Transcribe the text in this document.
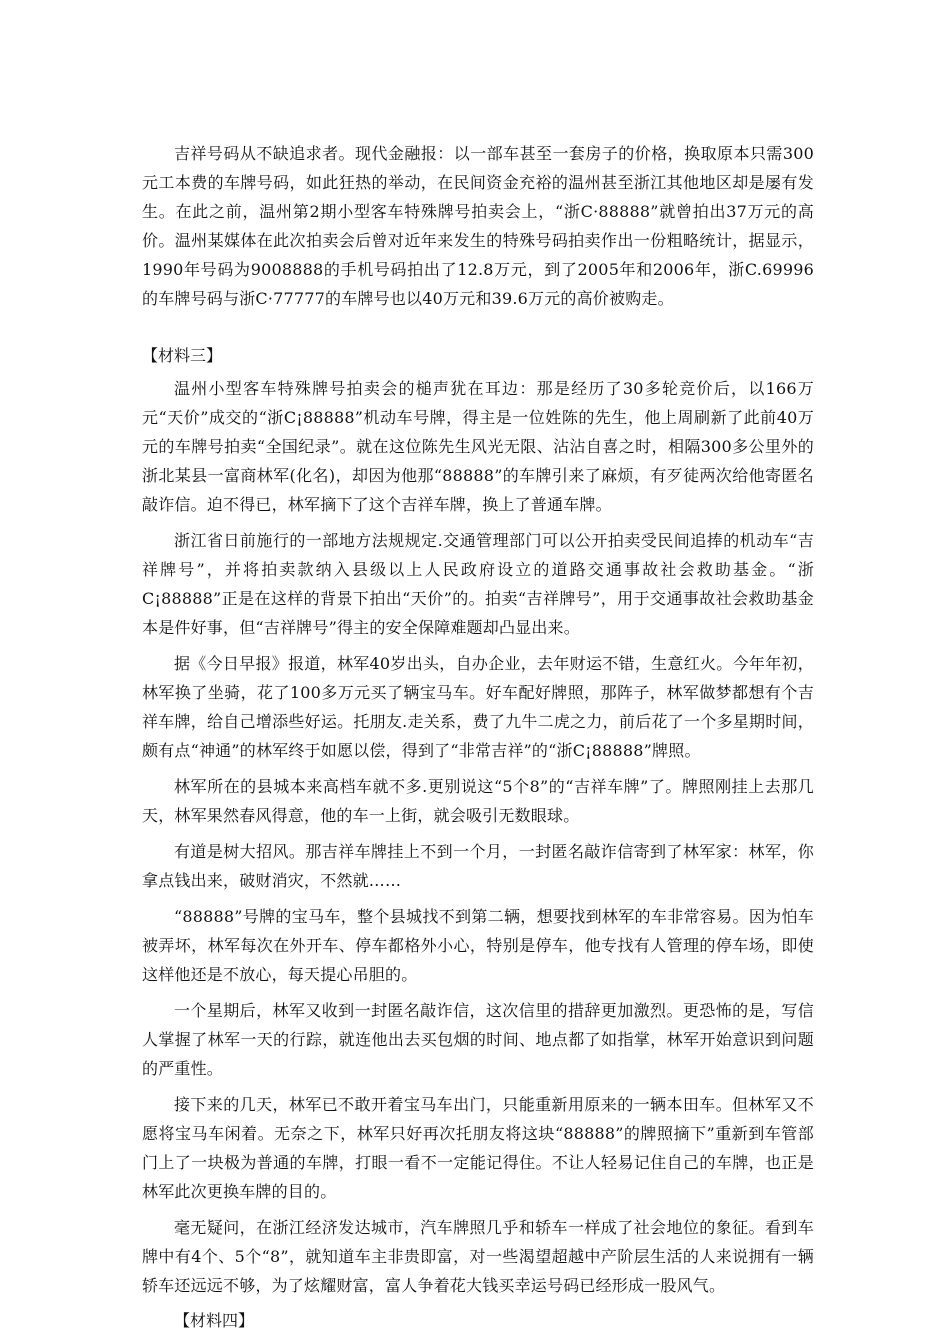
吉祥号码从不缺追求者。现代金融报：以一部车甚至一套房子的价格，换取原本只需300元工本费的车牌号码，如此狂热的举动，在民间资金充裕的温州甚至浙江其他地区却是屡有发生。在此之前，温州第2期小型客车特殊牌号拍卖会上，“浙C·88888”就曾拍出37万元的高价。温州某媒体在此次拍卖会后曾对近年来发生的特殊号码拍卖作出一份粗略统计，据显示，1990年号码为9008888的手机号码拍出了12.8万元，到了2005年和2006年，浙C.69996的车牌号码与浙C·77777的车牌号也以40万元和39.6万元的高价被购走。

【材料三】

温州小型客车特殊牌号拍卖会的槌声犹在耳边：那是经历了30多轮竞价后，以166万元“天价”成交的“浙C¡88888”机动车号牌，得主是一位姓陈的先生，他上周刷新了此前40万元的车牌号拍卖“全国纪录”。就在这位陈先生风光无限、沾沾自喜之时，相隔300多公里外的浙北某县一富商林军(化名)，却因为他那“88888”的车牌引来了麻烦，有歹徒两次给他寄匿名敲诈信。迫不得已，林军摘下了这个吉祥车牌，换上了普通车牌。

浙江省日前施行的一部地方法规规定.交通管理部门可以公开拍卖受民间追捧的机动车“吉祥牌号”，并将拍卖款纳入县级以上人民政府设立的道路交通事故社会救助基金。“浙C¡88888”正是在这样的背景下拍出“天价”的。拍卖“吉祥牌号”，用于交通事故社会救助基金本是件好事，但“吉祥牌号”得主的安全保障难题却凸显出来。

据《今日早报》报道，林军40岁出头，自办企业，去年财运不错，生意红火。今年年初，林军换了坐骑，花了100多万元买了辆宝马车。好车配好牌照，那阵子，林军做梦都想有个吉祥车牌，给自己增添些好运。托朋友.走关系，费了九牛二虎之力，前后花了一个多星期时间，颇有点“神通”的林军终于如愿以偿，得到了“非常吉祥”的“浙C¡88888”牌照。

林军所在的县城本来高档车就不多.更别说这“5个8”的“吉祥车牌”了。牌照刚挂上去那几天，林军果然春风得意，他的车一上街，就会吸引无数眼球。

有道是树大招风。那吉祥车牌挂上不到一个月，一封匿名敲诈信寄到了林军家：林军，你拿点钱出来，破财消灾，不然就……

“88888”号牌的宝马车，整个县城找不到第二辆，想要找到林军的车非常容易。因为怕车被弄坏，林军每次在外开车、停车都格外小心，特别是停车，他专找有人管理的停车场，即使这样他还是不放心，每天提心吊胆的。

一个星期后，林军又收到一封匿名敲诈信，这次信里的措辞更加激烈。更恐怖的是，写信人掌握了林军一天的行踪，就连他出去买包烟的时间、地点都了如指掌，林军开始意识到问题的严重性。

接下来的几天，林军已不敢开着宝马车出门，只能重新用原来的一辆本田车。但林军又不愿将宝马车闲着。无奈之下，林军只好再次托朋友将这块“88888”的牌照摘下”重新到车管部门上了一块极为普通的车牌，打眼一看不一定能记得住。不让人轻易记住自己的车牌，也正是林军此次更换车牌的目的。

毫无疑问，在浙江经济发达城市，汽车牌照几乎和轿车一样成了社会地位的象征。看到车牌中有4个、5个“8”，就知道车主非贵即富，对一些渴望超越中产阶层生活的人来说拥有一辆轿车还远远不够，为了炫耀财富，富人争着花大钱买幸运号码已经形成一股风气。

【材料四】
